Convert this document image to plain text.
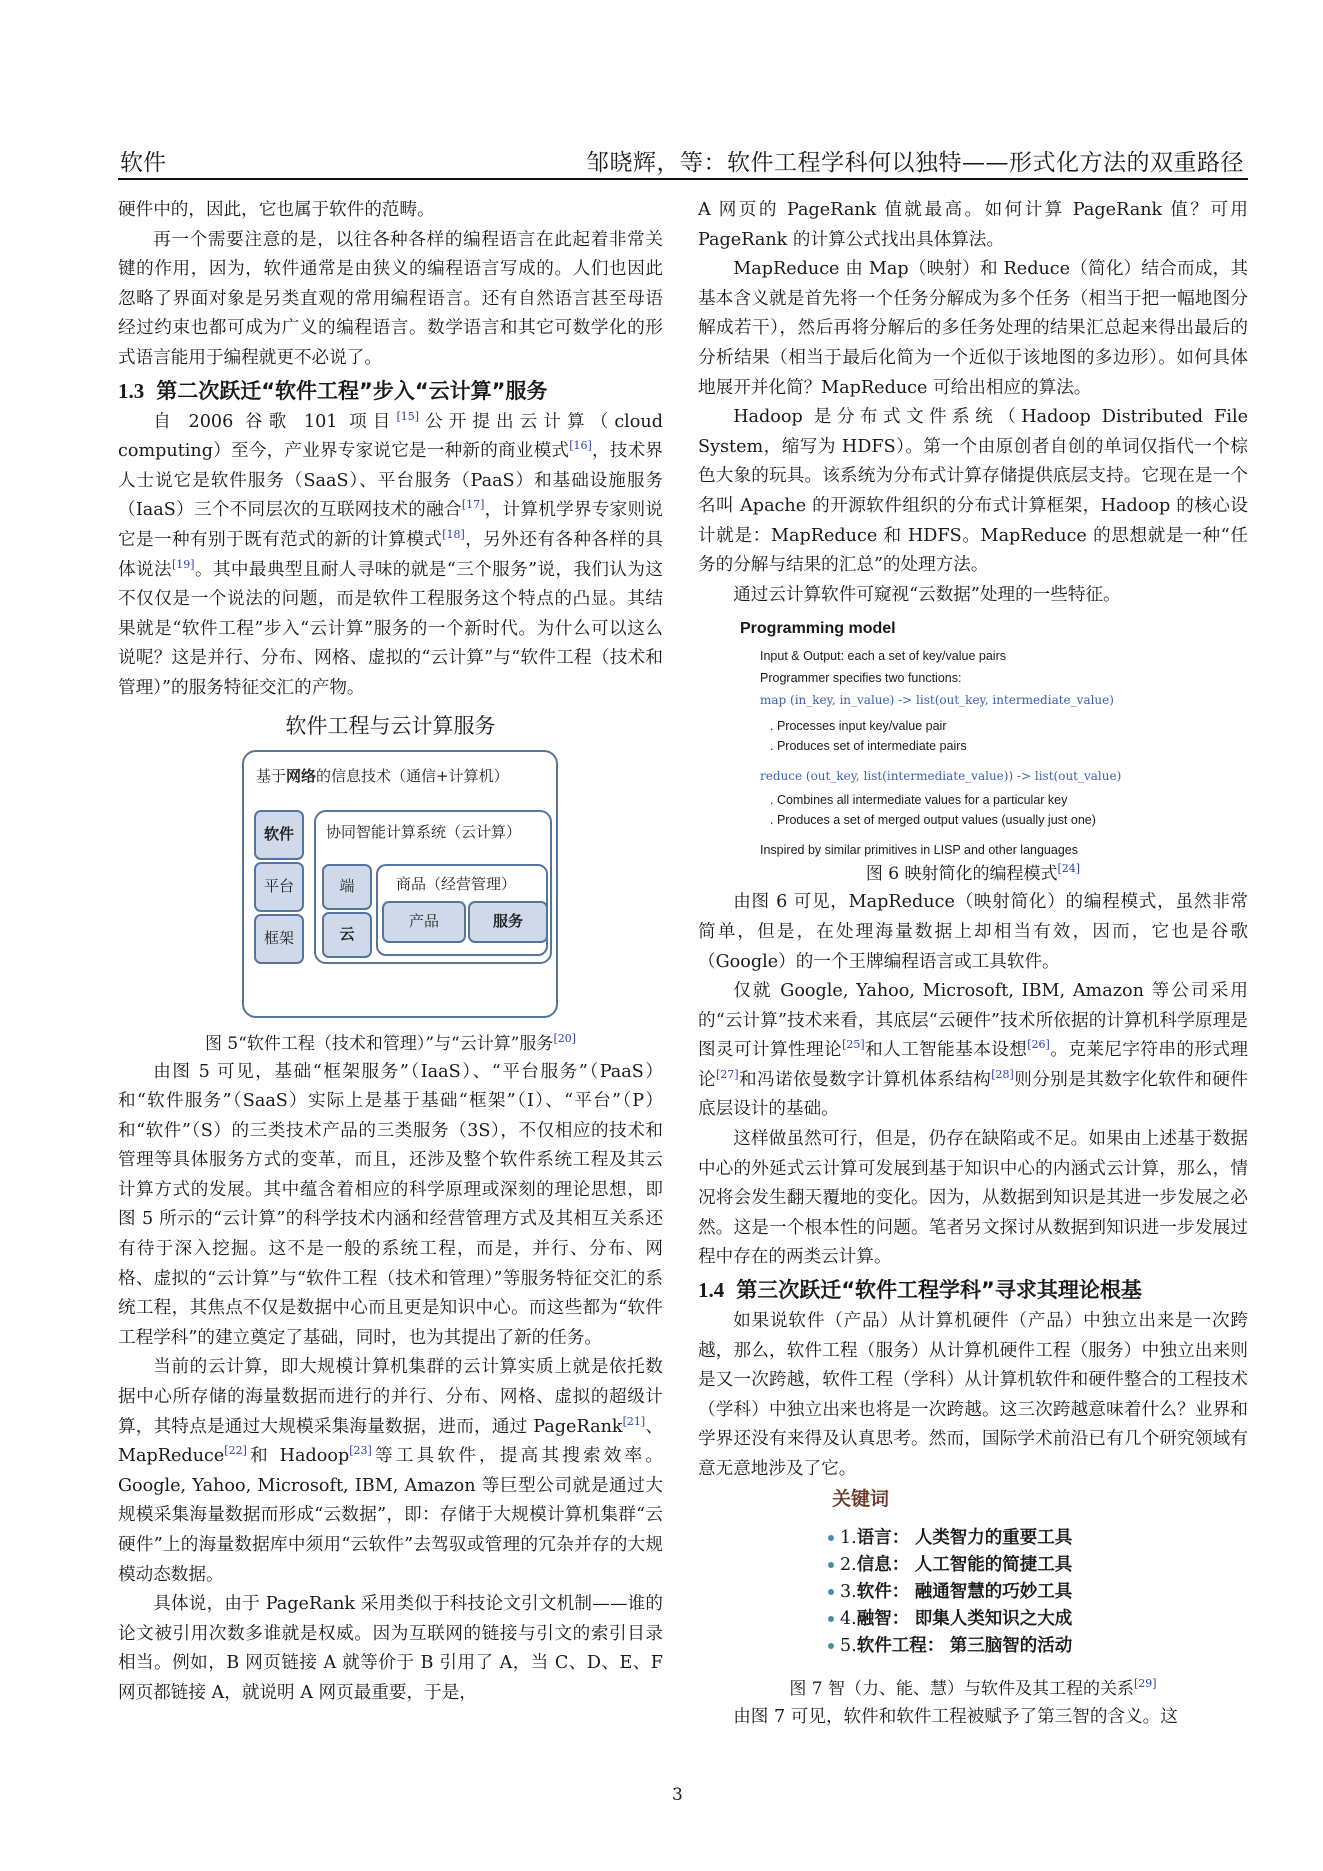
软件	邹晓辉，等：软件工程学科何以独特——形式化方法的双重路径

硬件中的，因此，它也属于软件的范畴。

再一个需要注意的是，以往各种各样的编程语言在此起着非常关键的作用，因为，软件通常是由狭义的编程语言写成的。人们也因此忽略了界面对象是另类直观的常用编程语言。还有自然语言甚至母语经过约束也都可成为广义的编程语言。数学语言和其它可数学化的形式语言能用于编程就更不必说了。

1.3 第二次跃迁“软件工程”步入“云计算”服务

自 2006 谷歌 101 项目[15]公开提出云计算（cloud computing）至今，产业界专家说它是一种新的商业模式[16]，技术界人士说它是软件服务（SaaS）、平台服务（PaaS）和基础设施服务（IaaS）三个不同层次的互联网技术的融合[17]，计算机学界专家则说它是一种有别于既有范式的新的计算模式[18]，另外还有各种各样的具体说法[19]。其中最典型且耐人寻味的就是“三个服务”说，我们认为这不仅仅是一个说法的问题，而是软件工程服务这个特点的凸显。其结果就是“软件工程”步入“云计算”服务的一个新时代。为什么可以这么说呢？这是并行、分布、网格、虚拟的“云计算”与“软件工程（技术和管理）”的服务特征交汇的产物。

软件工程与云计算服务
基于网络的信息技术（通信+计算机）
软件
平台
框架
协同智能计算系统（云计算）
端
云
商品（经营管理）
产品	服务
图 5“软件工程（技术和管理）”与“云计算”服务[20]

由图 5 可见，基础“框架服务”（IaaS）、“平台服务”（PaaS）和“软件服务”（SaaS）实际上是基于基础“框架”（I）、“平台”（P）和“软件”（S）的三类技术产品的三类服务（3S），不仅相应的技术和管理等具体服务方式的变革，而且，还涉及整个软件系统工程及其云计算方式的发展。其中蕴含着相应的科学原理或深刻的理论思想，即图 5 所示的“云计算”的科学技术内涵和经营管理方式及其相互关系还有待于深入挖掘。这不是一般的系统工程，而是，并行、分布、网格、虚拟的“云计算”与“软件工程（技术和管理）”等服务特征交汇的系统工程，其焦点不仅是数据中心而且更是知识中心。而这些都为“软件工程学科”的建立奠定了基础，同时，也为其提出了新的任务。

当前的云计算，即大规模计算机集群的云计算实质上就是依托数据中心所存储的海量数据而进行的并行、分布、网格、虚拟的超级计算，其特点是通过大规模采集海量数据，进而，通过 PageRank[21]、MapReduce[22]和 Hadoop[23]等工具软件，提高其搜索效率。Google, Yahoo, Microsoft, IBM, Amazon 等巨型公司就是通过大规模采集海量数据而形成“云数据”，即：存储于大规模计算机集群“云硬件”上的海量数据库中须用“云软件”去驾驭或管理的冗杂并存的大规模动态数据。

具体说，由于 PageRank 采用类似于科技论文引文机制——谁的论文被引用次数多谁就是权威。因为互联网的链接与引文的索引目录相当。例如，B 网页链接 A 就等价于 B 引用了 A，当 C、D、E、F 网页都链接 A，就说明 A 网页最重要，于是，

A 网页的 PageRank 值就最高。如何计算 PageRank 值？可用 PageRank 的计算公式找出具体算法。

MapReduce 由 Map（映射）和 Reduce（简化）结合而成，其基本含义就是首先将一个任务分解成为多个任务（相当于把一幅地图分解成若干），然后再将分解后的多任务处理的结果汇总起来得出最后的分析结果（相当于最后化简为一个近似于该地图的多边形）。如何具体地展开并化简？MapReduce 可给出相应的算法。

Hadoop 是分布式文件系统（Hadoop Distributed File System，缩写为 HDFS）。第一个由原创者自创的单词仅指代一个棕色大象的玩具。该系统为分布式计算存储提供底层支持。它现在是一个名叫 Apache 的开源软件组织的分布式计算框架，Hadoop 的核心设计就是：MapReduce 和 HDFS。MapReduce 的思想就是一种“任务的分解与结果的汇总”的处理方法。

通过云计算软件可窥视“云数据”处理的一些特征。

Programming model
Input & Output: each a set of key/value pairs
Programmer specifies two functions:
map (in_key, in_value) -> list(out_key, intermediate_value)
. Processes input key/value pair
. Produces set of intermediate pairs
reduce (out_key, list(intermediate_value)) -> list(out_value)
. Combines all intermediate values for a particular key
. Produces a set of merged output values (usually just one)
Inspired by similar primitives in LISP and other languages
图 6 映射简化的编程模式[24]

由图 6 可见，MapReduce（映射简化）的编程模式，虽然非常简单，但是，在处理海量数据上却相当有效，因而，它也是谷歌（Google）的一个王牌编程语言或工具软件。

仅就 Google, Yahoo, Microsoft, IBM, Amazon 等公司采用的“云计算”技术来看，其底层“云硬件”技术所依据的计算机科学原理是图灵可计算性理论[25]和人工智能基本设想[26]。克莱尼字符串的形式理论[27]和冯诺依曼数字计算机体系结构[28]则分别是其数字化软件和硬件底层设计的基础。

这样做虽然可行，但是，仍存在缺陷或不足。如果由上述基于数据中心的外延式云计算可发展到基于知识中心的内涵式云计算，那么，情况将会发生翻天覆地的变化。因为，从数据到知识是其进一步发展之必然。这是一个根本性的问题。笔者另文探讨从数据到知识进一步发展过程中存在的两类云计算。

1.4 第三次跃迁“软件工程学科”寻求其理论根基

如果说软件（产品）从计算机硬件（产品）中独立出来是一次跨越，那么，软件工程（服务）从计算机硬件工程（服务）中独立出来则是又一次跨越，软件工程（学科）从计算机软件和硬件整合的工程技术（学科）中独立出来也将是一次跨越。这三次跨越意味着什么？业界和学界还没有来得及认真思考。然而，国际学术前沿已有几个研究领域有意无意地涉及了它。

关键词
1.语言： 人类智力的重要工具
2.信息： 人工智能的简捷工具
3.软件： 融通智慧的巧妙工具
4.融智： 即集人类知识之大成
5.软件工程： 第三脑智的活动
图 7 智（力、能、慧）与软件及其工程的关系[29]

由图 7 可见，软件和软件工程被赋予了第三智的含义。这

3
